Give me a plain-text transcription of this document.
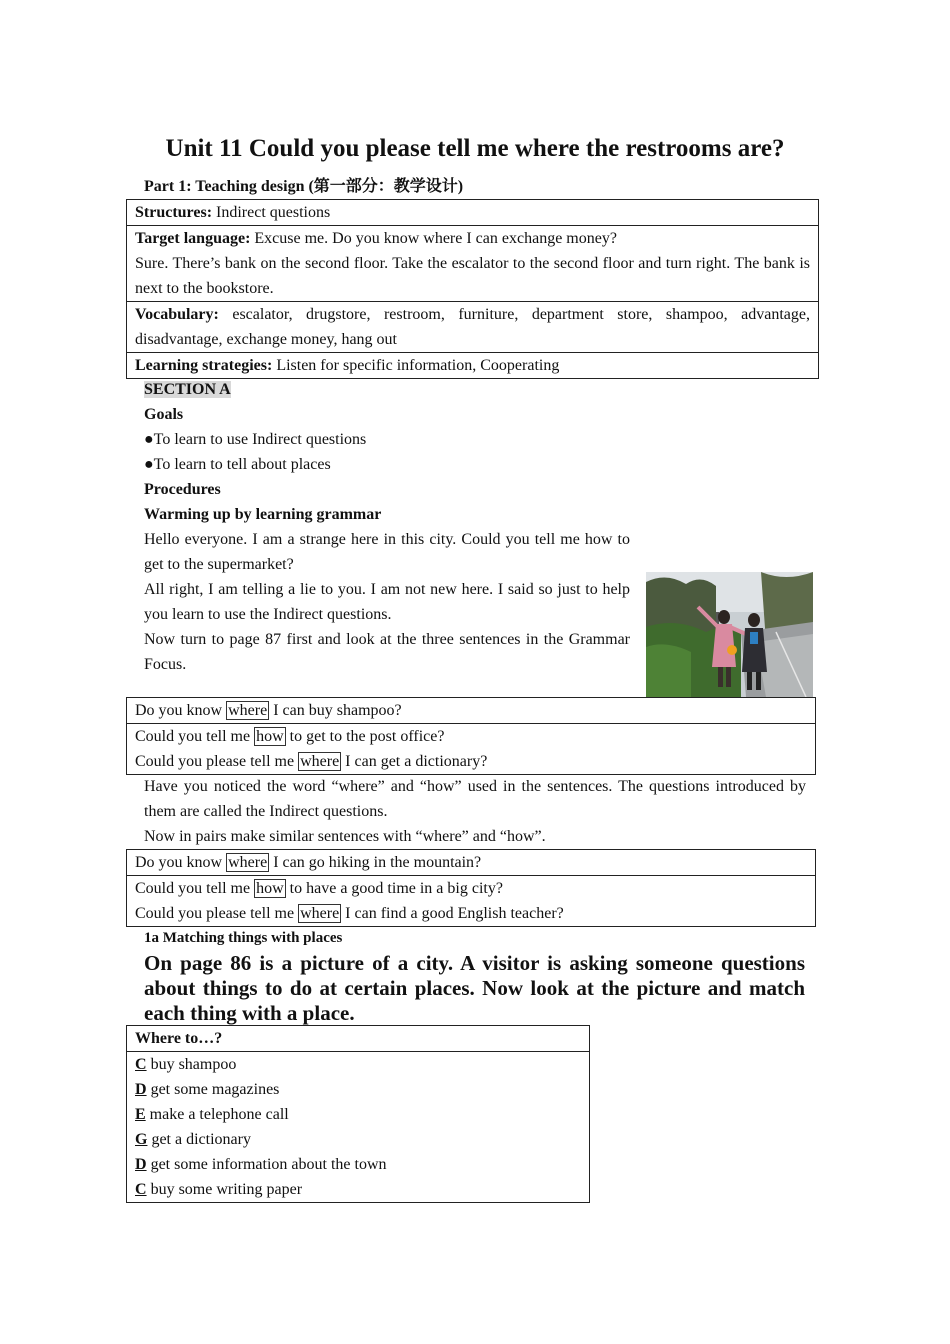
Unit 11 Could you please tell me where the restrooms are?
Part 1: Teaching design (第一部分：教学设计)
Structures: Indirect questions

Target language: Excuse me. Do you know where I can exchange money?
Sure. There’s bank on the second floor. Take the escalator to the second floor and turn right. The bank is next to the bookstore.

Vocabulary: escalator, drugstore, restroom, furniture, department store, shampoo, advantage, disadvantage, exchange money, hang out
Learning strategies: Listen for specific information, Cooperating
SECTION A
Goals
●To learn to use Indirect questions
●To learn to tell about places
Procedures
Warming up by learning grammar
Hello everyone. I am a strange here in this city. Could you tell me how to get to the supermarket?
All right, I am telling a lie to you. I am not new here. I said so just to help you learn to use the Indirect questions.
Now turn to page 87 first and look at the three sentences in the Grammar Focus.
Do you know where I can buy shampoo?

Could you tell me how to get to the post office?
Could you please tell me where I can get a dictionary?
Have you noticed the word “where” and “how” used in the sentences. The questions introduced by them are called the Indirect questions.
Now in pairs make similar sentences with “where” and “how”.
Do you know where I can go hiking in the mountain?

Could you tell me how to have a good time in a big city?
Could you please tell me where I can find a good English teacher?
1a Matching things with places
On page 86 is a picture of a city. A visitor is asking someone questions about things to do at certain places. Now look at the picture and match each thing with a place.
Where to…?

C buy shampoo
D get some magazines
E make a telephone call
G get a dictionary
D get some information about the town
C buy some writing paper
